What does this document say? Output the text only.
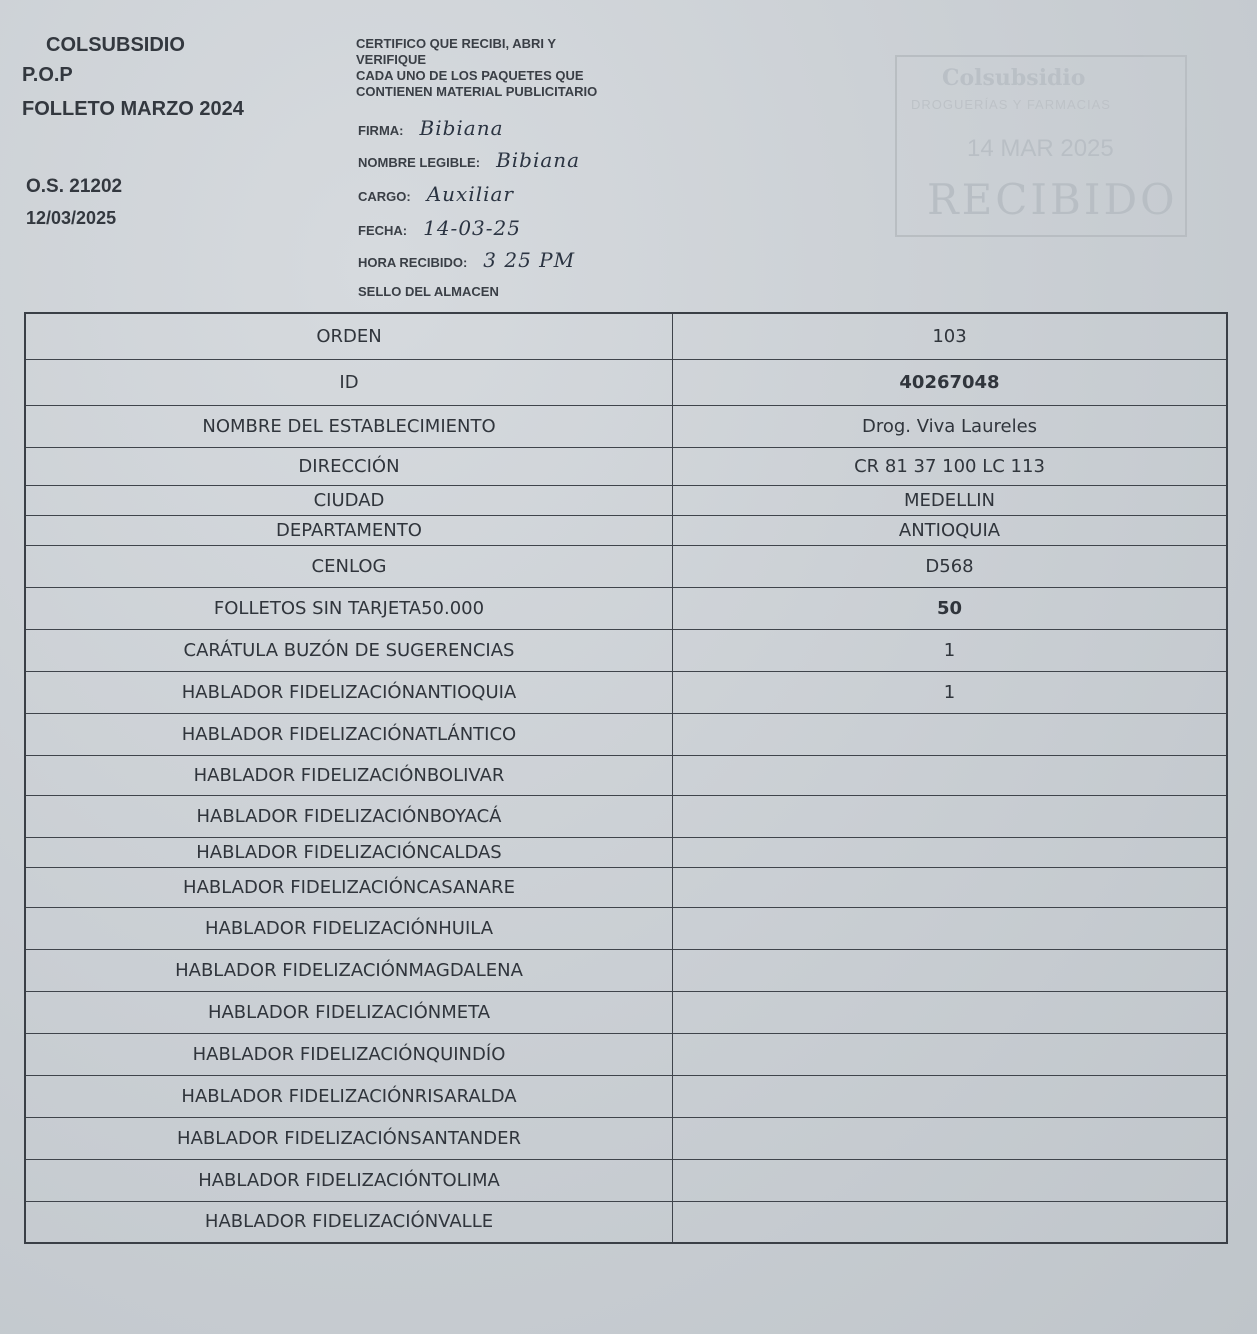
COLSUBSIDIO
P.O.P
FOLLETO MARZO 2024
O.S. 21202
12/03/2025
CERTIFICO QUE RECIBI, ABRI Y
VERIFIQUE
CADA UNO DE LOS PAQUETES QUE
CONTIENEN MATERIAL PUBLICITARIO
FIRMA: Bibiana
NOMBRE LEGIBLE: Bibiana
CARGO: Auxiliar
FECHA: 14-03-25
HORA RECIBIDO: 3 25 PM
SELLO DEL ALMACEN
Colsubsidio
DROGUERÍAS Y FARMACIAS
14 MAR 2025
RECIBIDO
ORDEN	103
ID	40267048
NOMBRE DEL ESTABLECIMIENTO	Drog. Viva Laureles
DIRECCIÓN	CR 81 37 100 LC 113
CIUDAD	MEDELLIN
DEPARTAMENTO	ANTIOQUIA
CENLOG	D568
FOLLETOS SIN TARJETA50.000	50
CARÁTULA BUZÓN DE SUGERENCIAS	1
HABLADOR FIDELIZACIÓNANTIOQUIA	1
HABLADOR FIDELIZACIÓNATLÁNTICO	
HABLADOR FIDELIZACIÓNBOLIVAR	
HABLADOR FIDELIZACIÓNBOYACÁ	
HABLADOR FIDELIZACIÓNCALDAS	
HABLADOR FIDELIZACIÓNCASANARE	
HABLADOR FIDELIZACIÓNHUILA	
HABLADOR FIDELIZACIÓNMAGDALENA	
HABLADOR FIDELIZACIÓNMETA	
HABLADOR FIDELIZACIÓNQUINDÍO	
HABLADOR FIDELIZACIÓNRISARALDA	
HABLADOR FIDELIZACIÓNSANTANDER	
HABLADOR FIDELIZACIÓNTOLIMA	
HABLADOR FIDELIZACIÓNVALLE	
